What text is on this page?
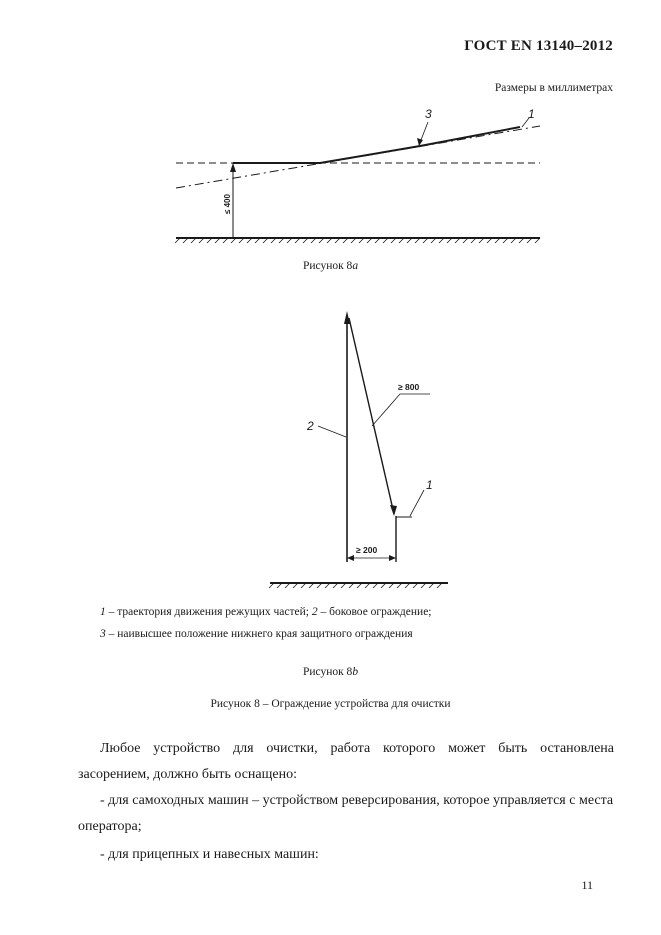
ГОСТ EN 13140–2012
Размеры в миллиметрах
≤ 400
3	1
Рисунок 8a
≥ 800
≥ 200
2
1
1 – траектория движения режущих частей; 2 – боковое ограждение;
3 – наивысшее положение нижнего края защитного ограждения
Рисунок 8b
Рисунок 8 – Ограждение устройства для очистки
Любое устройство для очистки, работа которого может быть остановлена засорением, должно быть оснащено:
- для самоходных машин – устройством реверсирования, которое управляется с места оператора;
- для прицепных и навесных машин:
11
